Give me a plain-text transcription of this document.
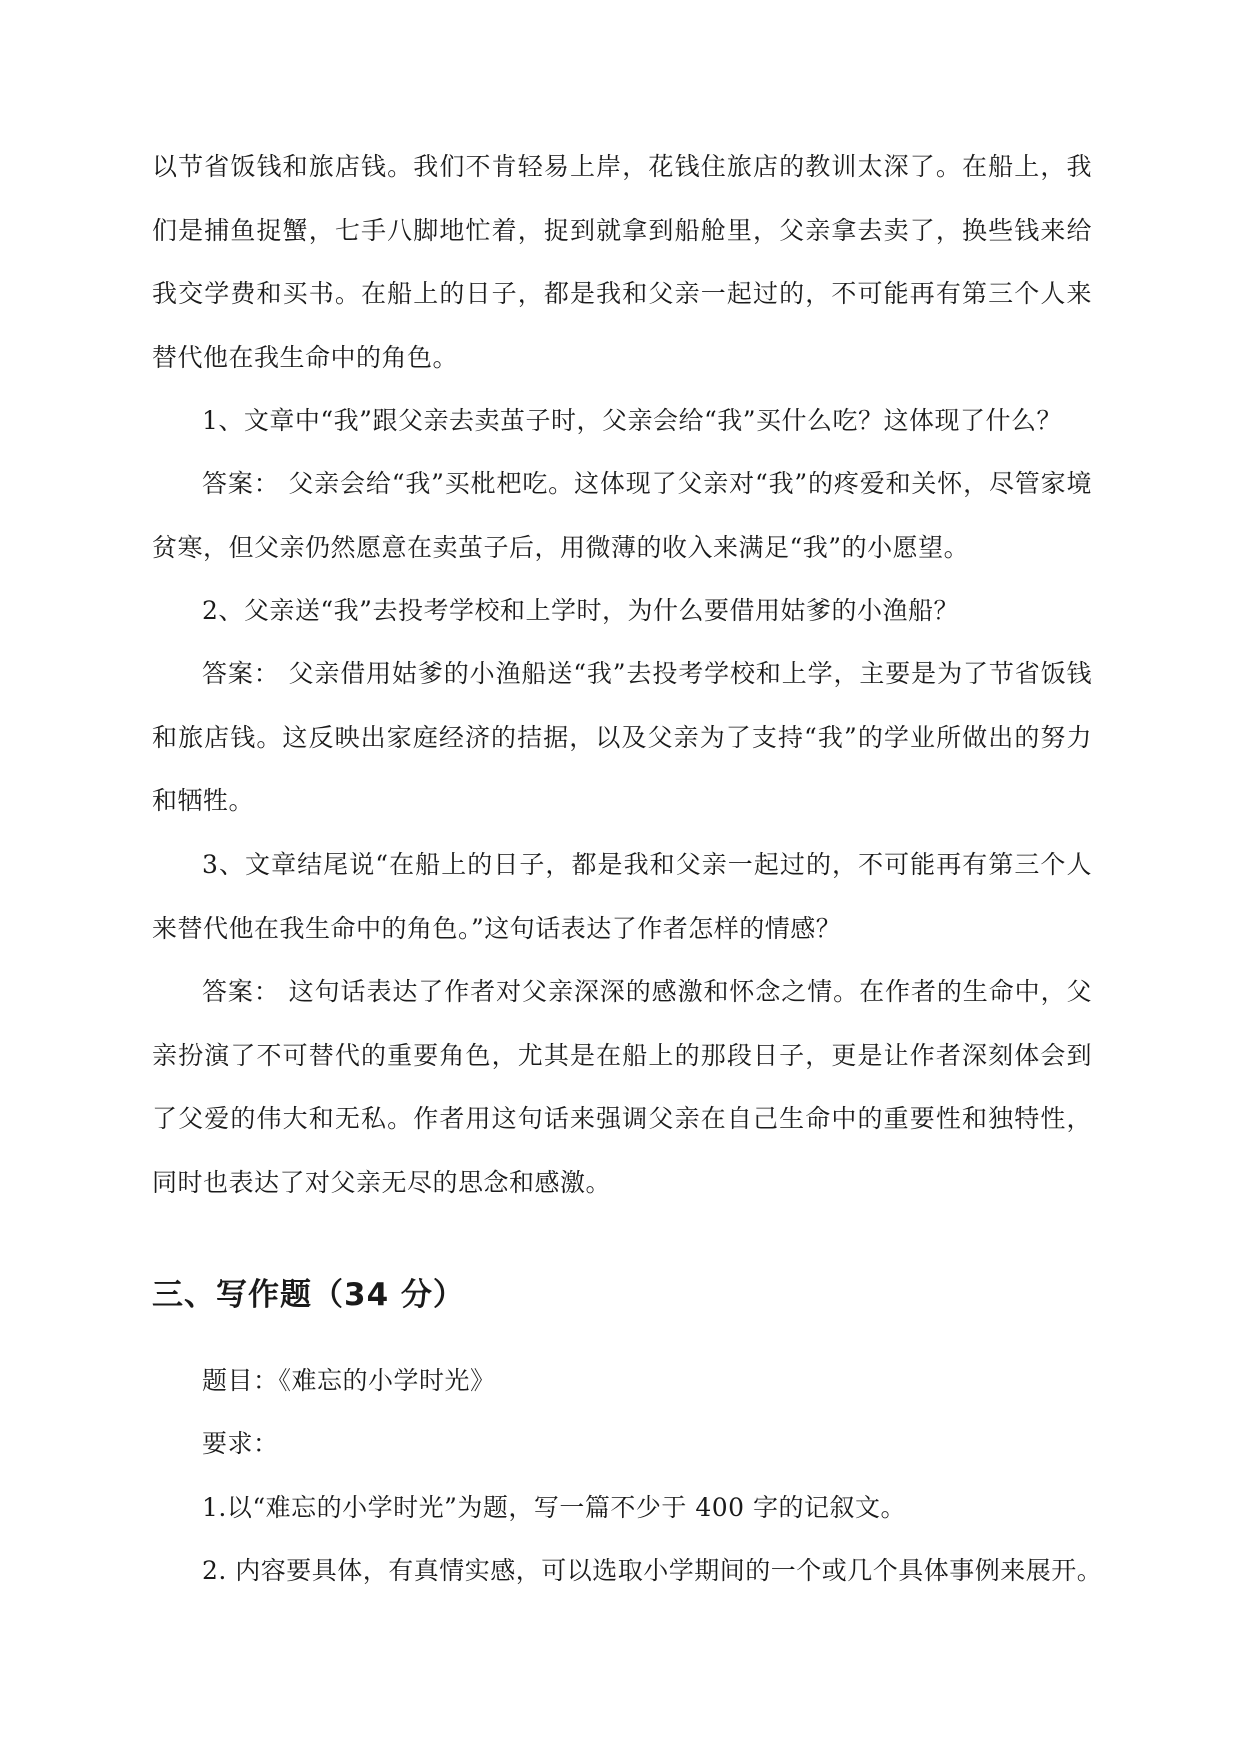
以节省饭钱和旅店钱。我们不肯轻易上岸，花钱住旅店的教训太深了。在船上，我们是捕鱼捉蟹，七手八脚地忙着，捉到就拿到船舱里，父亲拿去卖了，换些钱来给我交学费和买书。在船上的日子，都是我和父亲一起过的，不可能再有第三个人来替代他在我生命中的角色。

1、文章中“我”跟父亲去卖茧子时，父亲会给“我”买什么吃？这体现了什么？

答案： 父亲会给“我”买枇杷吃。这体现了父亲对“我”的疼爱和关怀，尽管家境贫寒，但父亲仍然愿意在卖茧子后，用微薄的收入来满足“我”的小愿望。

2、父亲送“我”去投考学校和上学时，为什么要借用姑爹的小渔船？

答案： 父亲借用姑爹的小渔船送“我”去投考学校和上学，主要是为了节省饭钱和旅店钱。这反映出家庭经济的拮据，以及父亲为了支持“我”的学业所做出的努力和牺牲。

3、文章结尾说“在船上的日子，都是我和父亲一起过的，不可能再有第三个人来替代他在我生命中的角色。”这句话表达了作者怎样的情感？

答案： 这句话表达了作者对父亲深深的感激和怀念之情。在作者的生命中，父亲扮演了不可替代的重要角色，尤其是在船上的那段日子，更是让作者深刻体会到了父爱的伟大和无私。作者用这句话来强调父亲在自己生命中的重要性和独特性，同时也表达了对父亲无尽的思念和感激。

三、写作题（34 分）

题目：《难忘的小学时光》

要求：

1.以“难忘的小学时光”为题，写一篇不少于 400 字的记叙文。

2. 内容要具体，有真情实感，可以选取小学期间的一个或几个具体事例来展开。
